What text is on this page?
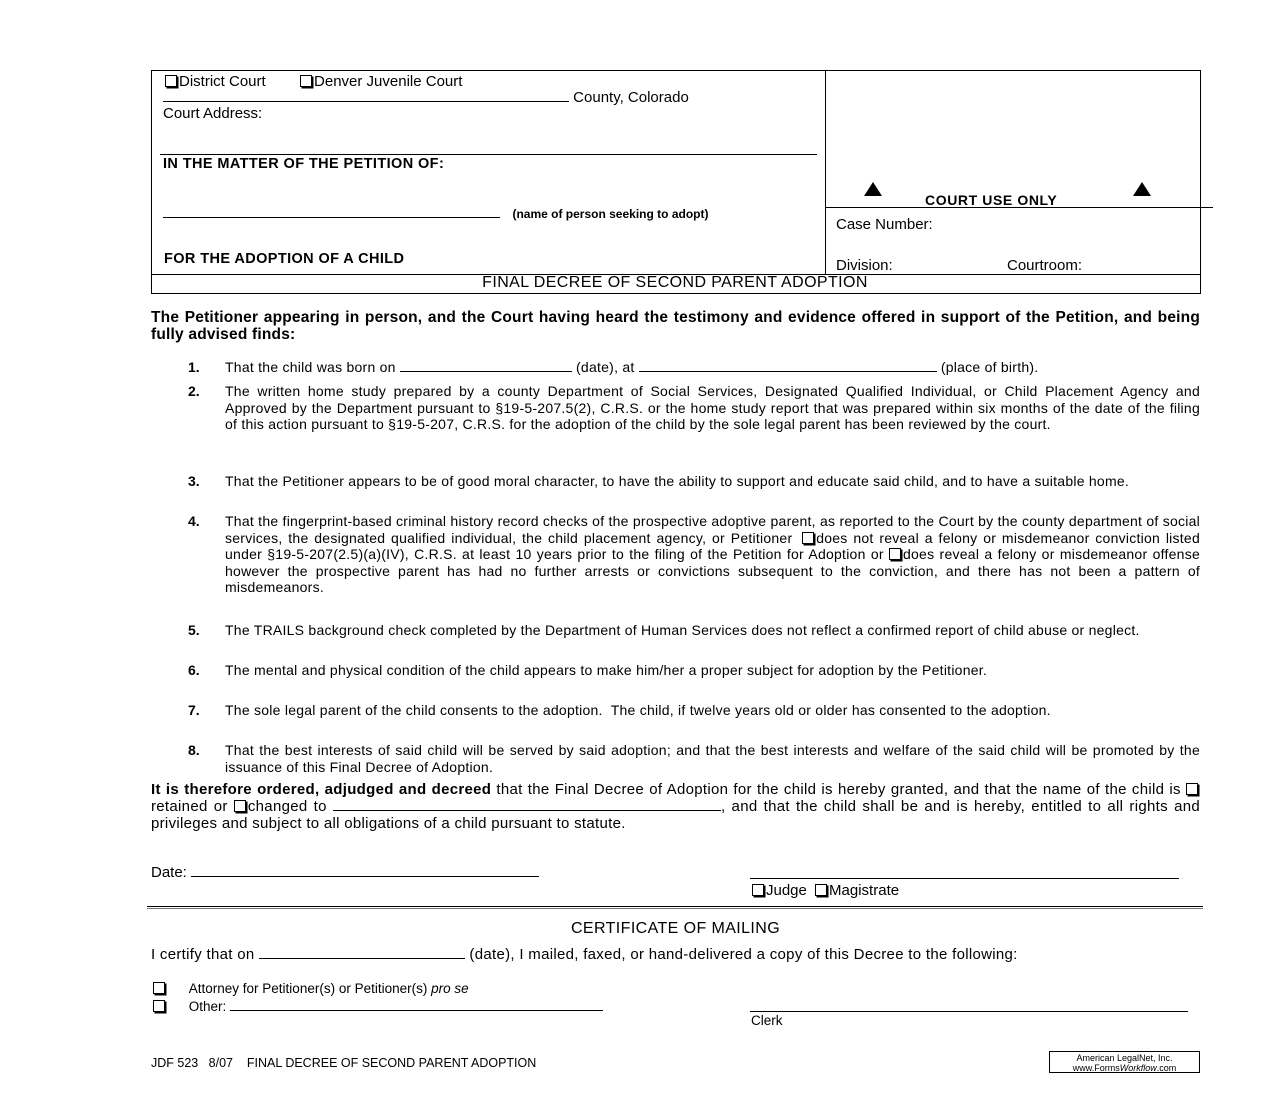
District Court	Denver Juvenile Court
County, Colorado
Court Address:
IN THE MATTER OF THE PETITION OF:
(name of person seeking to adopt)
FOR THE ADOPTION OF A CHILD
COURT USE ONLY
Case Number:
Division:	Courtroom:
FINAL DECREE OF SECOND PARENT ADOPTION
The Petitioner appearing in person, and the Court having heard the testimony and evidence offered in support of the Petition, and being fully advised finds:
1. That the child was born on	(date), at	(place of birth).
2. The written home study prepared by a county Department of Social Services, Designated Qualified Individual, or Child Placement Agency and Approved by the Department pursuant to §19-5-207.5(2), C.R.S. or the home study report that was prepared within six months of the date of the filing of this action pursuant to §19-5-207, C.R.S. for the adoption of the child by the sole legal parent has been reviewed by the court.
3. That the Petitioner appears to be of good moral character, to have the ability to support and educate said child, and to have a suitable home.
4. That the fingerprint-based criminal history record checks of the prospective adoptive parent, as reported to the Court by the county department of social services, the designated qualified individual, the child placement agency, or Petitioner does not reveal a felony or misdemeanor conviction listed under §19-5-207(2.5)(a)(IV), C.R.S. at least 10 years prior to the filing of the Petition for Adoption or does reveal a felony or misdemeanor offense however the prospective parent has had no further arrests or convictions subsequent to the conviction, and there has not been a pattern of misdemeanors.
5. The TRAILS background check completed by the Department of Human Services does not reflect a confirmed report of child abuse or neglect.
6. The mental and physical condition of the child appears to make him/her a proper subject for adoption by the Petitioner.
7. The sole legal parent of the child consents to the adoption.  The child, if twelve years old or older has consented to the adoption.
8. That the best interests of said child will be served by said adoption; and that the best interests and welfare of the said child will be promoted by the issuance of this Final Decree of Adoption.
It is therefore ordered, adjudged and decreed that the Final Decree of Adoption for the child is hereby granted, and that the name of the child is retained or changed to	, and that the child shall be and is hereby, entitled to all rights and privileges and subject to all obligations of a child pursuant to statute.
Date:
Judge Magistrate
CERTIFICATE OF MAILING
I certify that on	(date), I mailed, faxed, or hand-delivered a copy of this Decree to the following:
Attorney for Petitioner(s) or Petitioner(s) pro se
Other:
Clerk
JDF 523   8/07    FINAL DECREE OF SECOND PARENT ADOPTION	American LegalNet, Inc.
www.FormsWorkflow.com
